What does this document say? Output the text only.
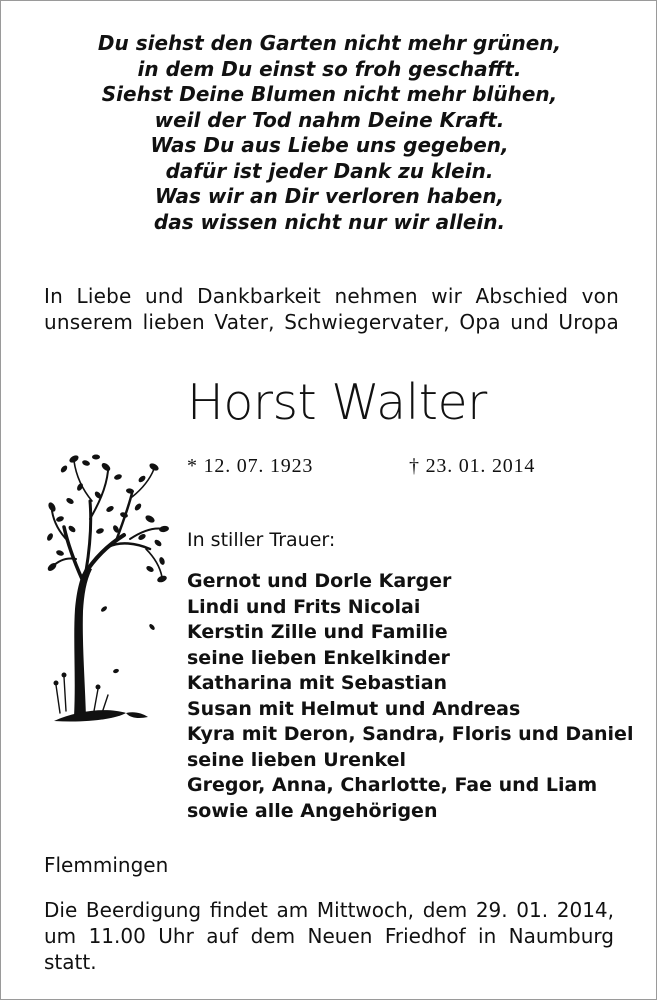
Du siehst den Garten nicht mehr grünen,
in dem Du einst so froh geschafft.
Siehst Deine Blumen nicht mehr blühen,
weil der Tod nahm Deine Kraft.
Was Du aus Liebe uns gegeben,
dafür ist jeder Dank zu klein.
Was wir an Dir verloren haben,
das wissen nicht nur wir allein.
In Liebe und Dankbarkeit nehmen wir Abschied von
unserem lieben Vater, Schwiegervater, Opa und Uropa
Horst Walter
* 12. 07. 1923	† 23. 01. 2014
In stiller Trauer:
Gernot und Dorle Karger
Lindi und Frits Nicolai
Kerstin Zille und Familie
seine lieben Enkelkinder
Katharina mit Sebastian
Susan mit Helmut und Andreas
Kyra mit Deron, Sandra, Floris und Daniel
seine lieben Urenkel
Gregor, Anna, Charlotte, Fae und Liam
sowie alle Angehörigen
Flemmingen
Die Beerdigung findet am Mittwoch, dem 29. 01. 2014,
um 11.00 Uhr auf dem Neuen Friedhof in Naumburg
statt.
